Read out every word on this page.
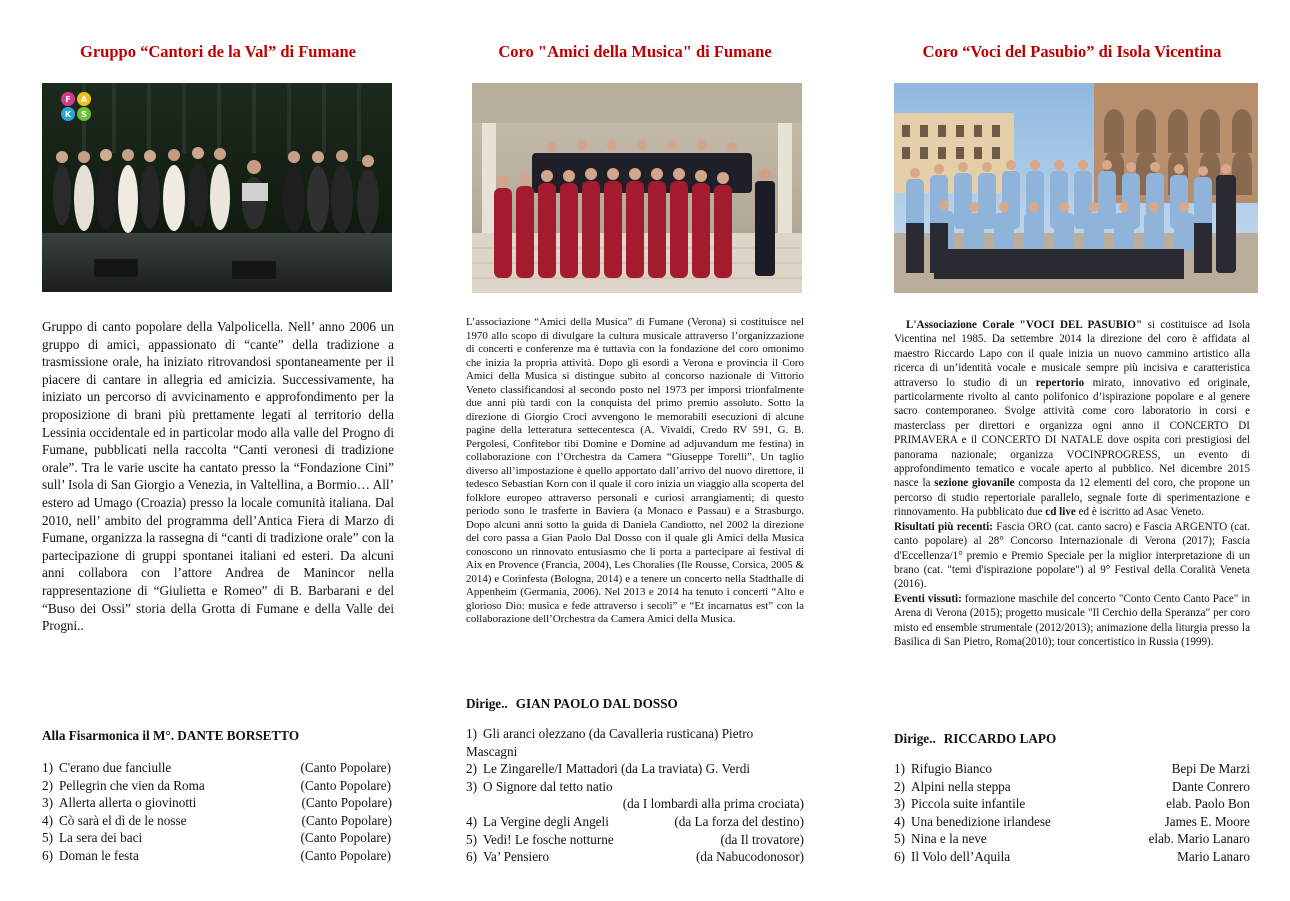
Gruppo “Cantori de la Val” di Fumane
F A
K S
Gruppo di canto popolare della Valpolicella. Nell’ anno 2006 un gruppo di amici, appassionato di “cante” della tradizione a trasmissione orale, ha iniziato ritrovandosi spontaneamente per il piacere di cantare in allegria ed amicizia. Successivamente, ha iniziato un percorso di avvicinamento e approfondimento per la proposizione di brani più prettamente legati al territorio della Lessinia occidentale ed in particolar modo alla valle del Progno di Fumane, pubblicati nella raccolta “Canti veronesi di tradizione orale”. Tra le varie uscite ha cantato presso la “Fondazione Cini” sull’ Isola di San Giorgio a Venezia, in Valtellina, a Bormio… All’ estero ad Umago (Croazia) presso la locale comunità italiana. Dal 2010, nell’ ambito del programma dell’Antica Fiera di Marzo di Fumane, organizza la rassegna di “canti di tradizione orale” con la partecipazione di gruppi spontanei italiani ed esteri. Da alcuni anni collabora con l’attore Andrea de Manincor nella rappresentazione di “Giulietta e Romeo” di B. Barbarani e del “Buso dei Ossi” storia della Grotta di Fumane e della Valle dei Progni..
Alla Fisarmonica il M°. DANTE BORSETTO
1) C'erano due fanciulle	(Canto Popolare)
2) Pellegrin che vien da Roma	(Canto Popolare)
3) Allerta allerta o giovinotti	(Canto Popolare)
4) Cò sarà el dì de le nosse	(Canto Popolare)
5) La sera dei baci	(Canto Popolare)
6) Doman le festa	(Canto Popolare)
Coro "Amici della Musica" di Fumane
L’associazione “Amici della Musica” di Fumane (Verona) si costituisce nel 1970 allo scopo di divulgare la cultura musicale attraverso l’organizzazione di concerti e conferenze ma è tuttavia con la fondazione del coro omonimo che inizia la propria attività. Dopo gli esordi a Verona e provincia il Coro Amici della Musica si distingue subito al concorso nazionale di Vittorio Veneto classificandosi al secondo posto nel 1973 per imporsi trionfalmente due anni più tardi con la conquista del primo premio assoluto. Sotto la direzione di Giorgio Croci avvengono le memorabili esecuzioni di alcune pagine della letteratura settecentesca (A. Vivaldi, Credo RV 591, G. B. Pergolesi, Confitebor tibi Domine e Domine ad adjuvandum me festina) in collaborazione con l’Orchestra da Camera “Giuseppe Torelli”. Un taglio diverso all’impostazione è quello apportato dall’arrivo del nuovo direttore, il tedesco Sebastian Korn con il quale il coro inizia un viaggio alla scoperta del folklore europeo attraverso personali e curiosi arrangiamenti; di questo periodo sono le trasferte in Baviera (a Monaco e Passau) e a Strasburgo. Dopo alcuni anni sotto la guida di Daniela Candiotto, nel 2002 la direzione del coro passa a Gian Paolo Dal Dosso con il quale gli Amici della Musica conoscono un rinnovato entusiasmo che li porta a partecipare ai festival di Aix en Provence (Francia, 2004), Les Choralies (Ile Rousse, Corsica, 2005 & 2014) e Corinfesta (Bologna, 2014) e a tenere un concerto nella Stadthalle di Appenheim (Germania, 2006). Nel 2013 e 2014 ha tenuto i concerti “Alto e glorioso Dio: musica e fede attraverso i secoli” e “Et incarnatus est” con la collaborazione dell’Orchestra da Camera Amici della Musica.
Dirige.. GIAN PAOLO DAL DOSSO
1) Gli aranci olezzano (da Cavalleria rusticana) Pietro
Mascagni
2) Le Zingarelle/I Mattadori (da La traviata) G. Verdi
3) O Signore dal tetto natio
(da I lombardi alla prima crociata)
4) La Vergine degli Angeli	(da La forza del destino)
5) Vedi! Le fosche notturne	(da Il trovatore)
6) Va’ Pensiero	(da Nabucodonosor)
Coro “Voci del Pasubio” di Isola Vicentina

L'Associazione Corale "VOCI DEL PASUBIO" si costituisce ad Isola Vicentina nel 1985. Da settembre 2014 la direzione del coro è affidata al maestro Riccardo Lapo con il quale inizia un nuovo cammino artistico alla ricerca di un’identità vocale e musicale sempre più incisiva e caratteristica attraverso lo studio di un repertorio mirato, innovativo ed originale, particolarmente rivolto al canto polifonico d’ispirazione popolare e al genere sacro contemporaneo. Svolge attività come coro laboratorio in corsi e masterclass per direttori e organizza ogni anno il CONCERTO DI PRIMAVERA e il CONCERTO DI NATALE dove ospita cori prestigiosi del panorama nazionale; organizza VOCINPROGRESS, un evento di approfondimento tematico e vocale aperto al pubblico. Nel dicembre 2015 nasce la sezione giovanile composta da 12 elementi del coro, che propone un percorso di studio repertoriale parallelo, segnale forte di sperimentazione e rinnovamento. Ha pubblicato due cd live ed è iscritto ad Asac Veneto.

Risultati più recenti: Fascia ORO (cat. canto sacro) e Fascia ARGENTO (cat. canto popolare) al 28° Concorso Internazionale di Verona (2017); Fascia d'Eccellenza/1° premio e Premio Speciale per la miglior interpretazione di un brano (cat. "temi d'ispirazione popolare") al 9° Festival della Coralità Veneta (2016).

Eventi vissuti: formazione maschile del concerto "Conto Cento Canto Pace" in Arena di Verona (2015); progetto musicale "Il Cerchio della Speranza" per coro misto ed ensemble strumentale (2012/2013); animazione della liturgia presso la Basilica di San Pietro, Roma(2010); tour concertistico in Russia (1999).

Dirige.. RICCARDO LAPO
1) Rifugio Bianco	Bepi De Marzi
2) Alpini nella steppa	Dante Conrero
3) Piccola suite infantile	elab. Paolo Bon
4) Una benedizione irlandese	James E. Moore
5) Nina e la neve	elab. Mario Lanaro
6) Il Volo dell’Aquila	Mario Lanaro
